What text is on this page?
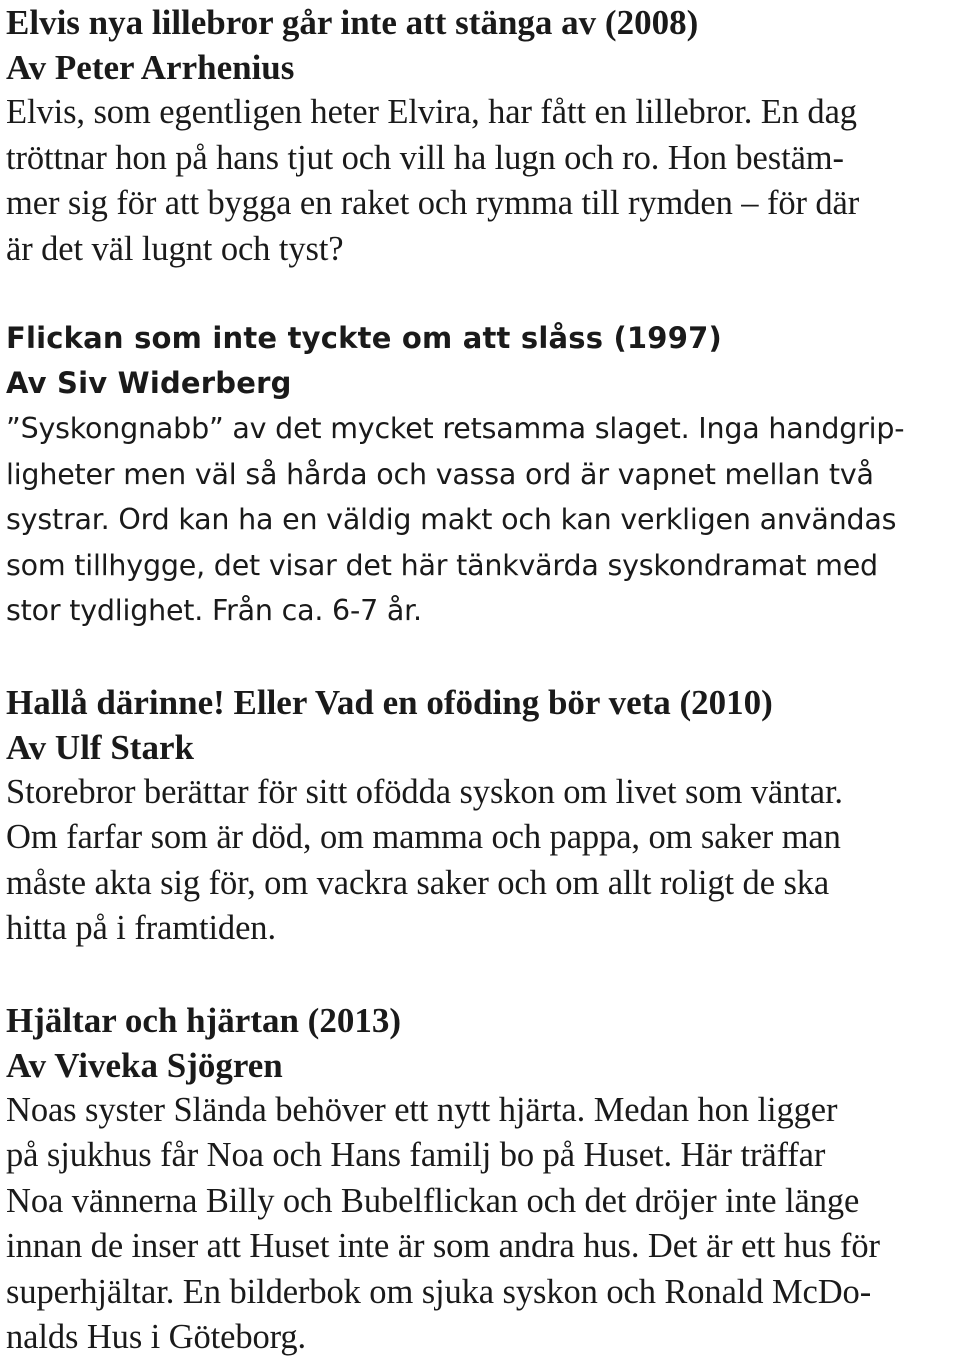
Elvis nya lillebror går inte att stänga av (2008)

Av Peter Arrhenius

Elvis, som egentligen heter Elvira, har fått en lillebror. En dag
tröttnar hon på hans tjut och vill ha lugn och ro. Hon bestäm-
mer sig för att bygga en raket och rymma till rymden – för där
är det väl lugnt och tyst?

Flickan som inte tyckte om att slåss (1997)

Av Siv Widerberg

”Syskongnabb” av det mycket retsamma slaget. Inga handgrip-
ligheter men väl så hårda och vassa ord är vapnet mellan två
systrar. Ord kan ha en väldig makt och kan verkligen användas
som tillhygge, det visar det här tänkvärda syskondramat med
stor tydlighet. Från ca. 6-7 år.

Hallå därinne! Eller Vad en oföding bör veta (2010)

Av Ulf Stark

Storebror berättar för sitt ofödda syskon om livet som väntar.
Om farfar som är död, om mamma och pappa, om saker man
måste akta sig för, om vackra saker och om allt roligt de ska
hitta på i framtiden.

Hjältar och hjärtan (2013)

Av Viveka Sjögren

Noas syster Slända behöver ett nytt hjärta. Medan hon ligger
på sjukhus får Noa och Hans familj bo på Huset. Här träffar
Noa vännerna Billy och Bubelflickan och det dröjer inte länge
innan de inser att Huset inte är som andra hus. Det är ett hus för
superhjältar. En bilderbok om sjuka syskon och Ronald McDo-
nalds Hus i Göteborg.
